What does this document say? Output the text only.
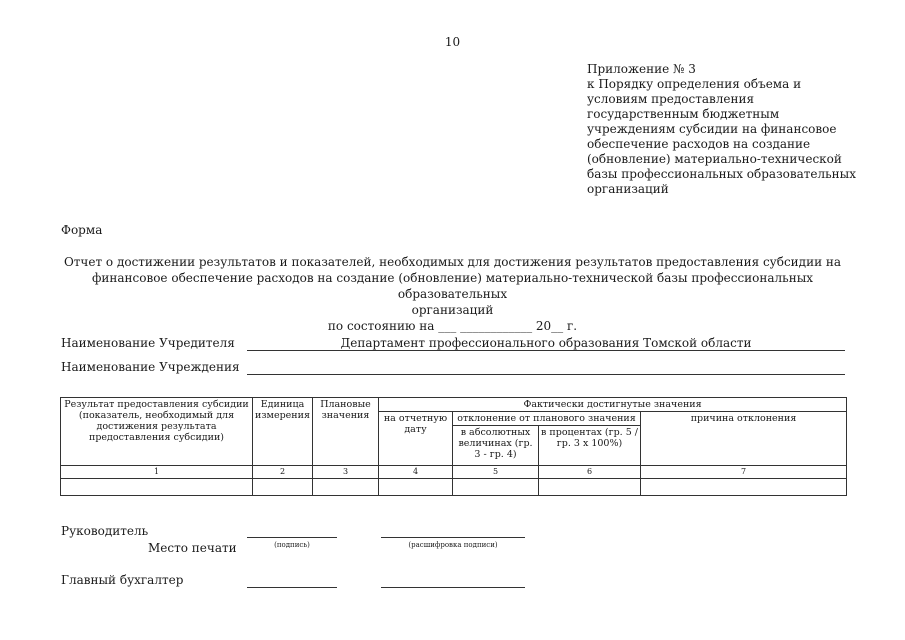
10
Приложение № 3
к Порядку определения объема и
условиям предоставления
государственным бюджетным
учреждениям субсидии на финансовое
обеспечение расходов на создание
(обновление) материально-технической
базы профессиональных образовательных
организаций
Форма
Отчет о достижении результатов и показателей, необходимых для достижения результатов предоставления субсидии на
финансовое обеспечение расходов на создание (обновление) материально-технической базы профессиональных образовательных
организаций
по состоянию на ___ ____________ 20__ г.
Наименование Учредителя	Департамент профессионального образования Томской области
Наименование Учреждения
Результат предоставления субсидии (показатель, необходимый для достижения результата предоставления субсидии)	Единица измерения	Плановые значения	Фактически достигнутые значения			
			на отчетную дату	отклонение от планового значения		причина отклонения
				в абсолютных величинах (гр. 3 - гр. 4)	в процентах (гр. 5 / гр. 3 x 100%)	
1	2	3	4	5	6	7

Руководитель
Место печати	(подпись)	(расшифровка подписи)
Главный бухгалтер
